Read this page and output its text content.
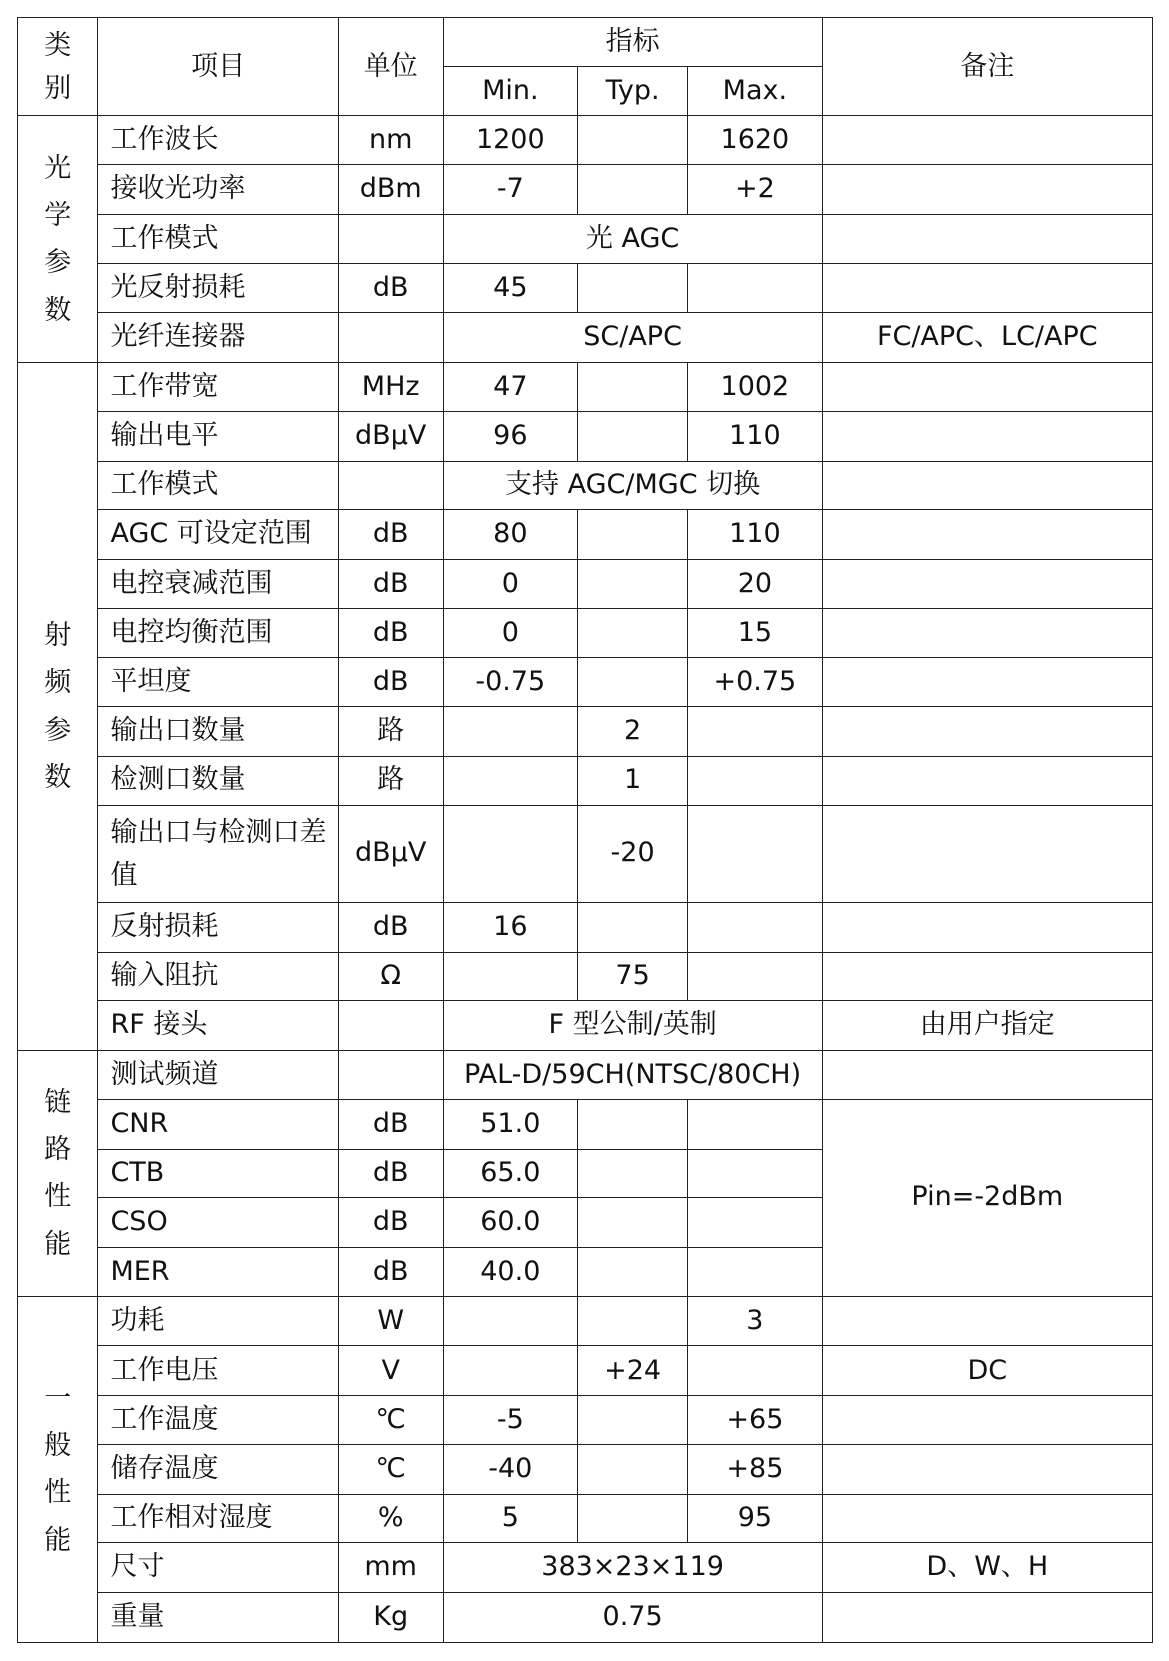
类别	项目	单位	指标			备注
			Min.	Typ.	Max.	
光学参数	工作波长	nm	1200		1620	
	接收光功率	dBm	-7		+2	
	工作模式		光 AGC			
	光反射损耗	dB	45			
	光纤连接器		SC/APC			FC/APC、LC/APC
射频参数	工作带宽	MHz	47		1002	
	输出电平	dBμV	96		110	
	工作模式		支持 AGC/MGC 切换			
	AGC 可设定范围	dB	80		110	
	电控衰减范围	dB	0		20	
	电控均衡范围	dB	0		15	
	平坦度	dB	-0.75		+0.75	
	输出口数量	路		2		
	检测口数量	路		1		
	输出口与检测口差值	dBμV		-20		
	反射损耗	dB	16			
	输入阻抗	Ω		75		
	RF 接头		F 型公制/英制			由用户指定
链路性能	测试频道		PAL-D/59CH(NTSC/80CH)			
	CNR	dB	51.0			Pin=-2dBm
	CTB	dB	65.0			
	CSO	dB	60.0			
	MER	dB	40.0			
一般性能	功耗	W			3	
	工作电压	V		+24		DC
	工作温度	℃	-5		+65	
	储存温度	℃	-40		+85	
	工作相对湿度	%	5		95	
	尺寸	mm	383×23×119			D、W、H
	重量	Kg	0.75			
